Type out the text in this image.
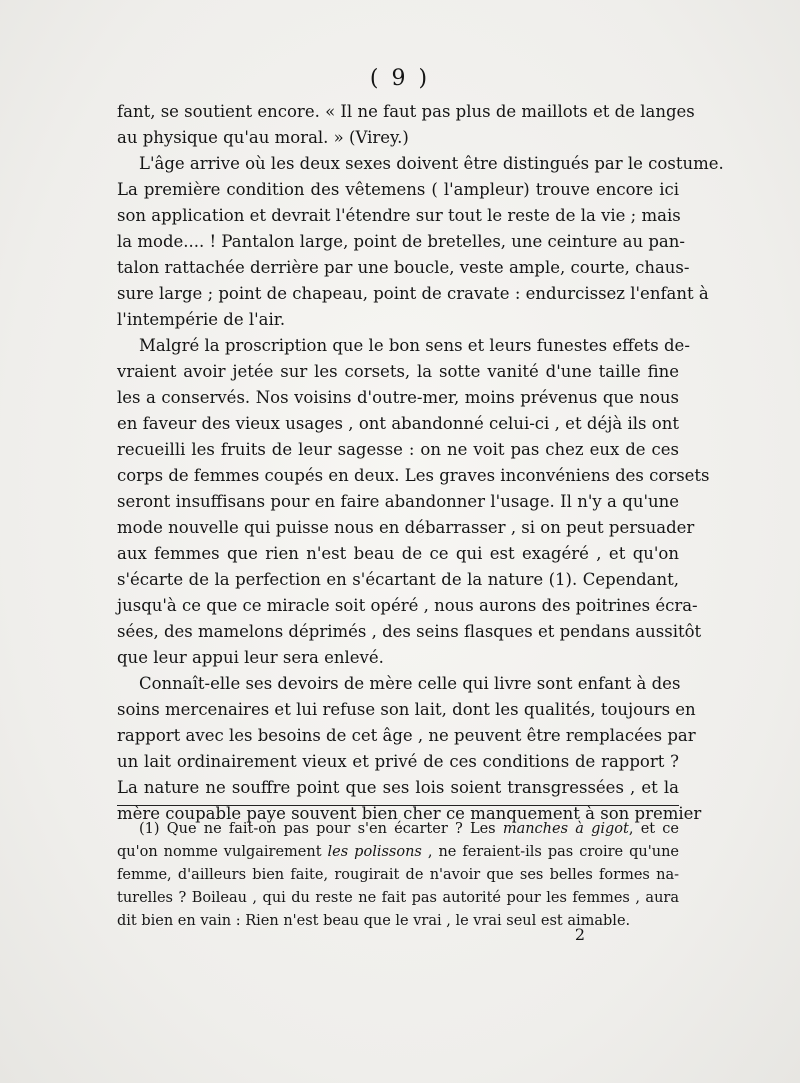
( 9 )
fant, se soutient encore. « Il ne faut pas plus de maillots et de langes
au physique qu'au moral. » (Virey.)
L'âge arrive où les deux sexes doivent être distingués par le costume.
La première condition des vêtemens ( l'ampleur) trouve encore ici
son application et devrait l'étendre sur tout le reste de la vie ; mais
la mode.... ! Pantalon large, point de bretelles, une ceinture au pan-
talon rattachée derrière par une boucle, veste ample, courte, chaus-
sure large ; point de chapeau, point de cravate : endurcissez l'enfant à
l'intempérie de l'air.
Malgré la proscription que le bon sens et leurs funestes effets de-
vraient avoir jetée sur les corsets, la sotte vanité d'une taille fine
les a conservés. Nos voisins d'outre-mer, moins prévenus que nous
en faveur des vieux usages , ont abandonné celui-ci , et déjà ils ont
recueilli les fruits de leur sagesse : on ne voit pas chez eux de ces
corps de femmes coupés en deux. Les graves inconvéniens des corsets
seront insuffisans pour en faire abandonner l'usage. Il n'y a qu'une
mode nouvelle qui puisse nous en débarrasser , si on peut persuader
aux femmes que rien n'est beau de ce qui est exagéré , et qu'on
s'écarte de la perfection en s'écartant de la nature (1). Cependant,
jusqu'à ce que ce miracle soit opéré , nous aurons des poitrines écra-
sées, des mamelons déprimés , des seins flasques et pendans aussitôt
que leur appui leur sera enlevé.
Connaît-elle ses devoirs de mère celle qui livre sont enfant à des
soins mercenaires et lui refuse son lait, dont les qualités, toujours en
rapport avec les besoins de cet âge , ne peuvent être remplacées par
un lait ordinairement vieux et privé de ces conditions de rapport ?
La nature ne souffre point que ses lois soient transgressées , et la
mère coupable paye souvent bien cher ce manquement à son premier
(1) Que ne fait-on pas pour s'en écarter ? Les manches à gigot, et ce
qu'on nomme vulgairement les polissons , ne feraient-ils pas croire qu'une
femme, d'ailleurs bien faite, rougirait de n'avoir que ses belles formes na-
turelles ? Boileau , qui du reste ne fait pas autorité pour les femmes , aura
dit bien en vain : Rien n'est beau que le vrai , le vrai seul est aimable.
2
